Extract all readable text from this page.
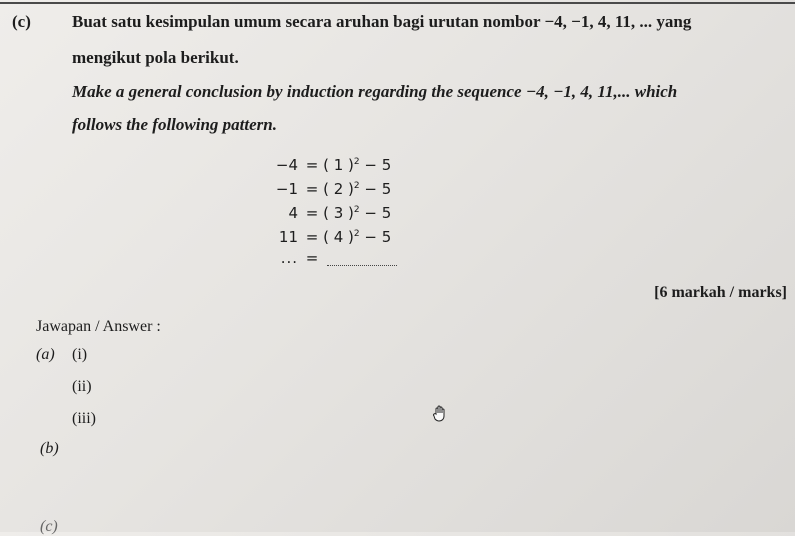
(c) Buat satu kesimpulan umum secara aruhan bagi urutan nombor −4, −1, 4, 11, ... yang
mengikut pola berikut.
Make a general conclusion by induction regarding the sequence −4, −1, 4, 11,... which
follows the following pattern.
−4 = ( 1 )$^2$ − 5
−1 = ( 2 )$^2$ − 5
4 = ( 3 )$^2$ − 5
11 = ( 4 )$^2$ − 5
... =
[6 markah / marks]
Jawapan / Answer :
(a) (i)
(ii)
(iii)
(b)
(c)
